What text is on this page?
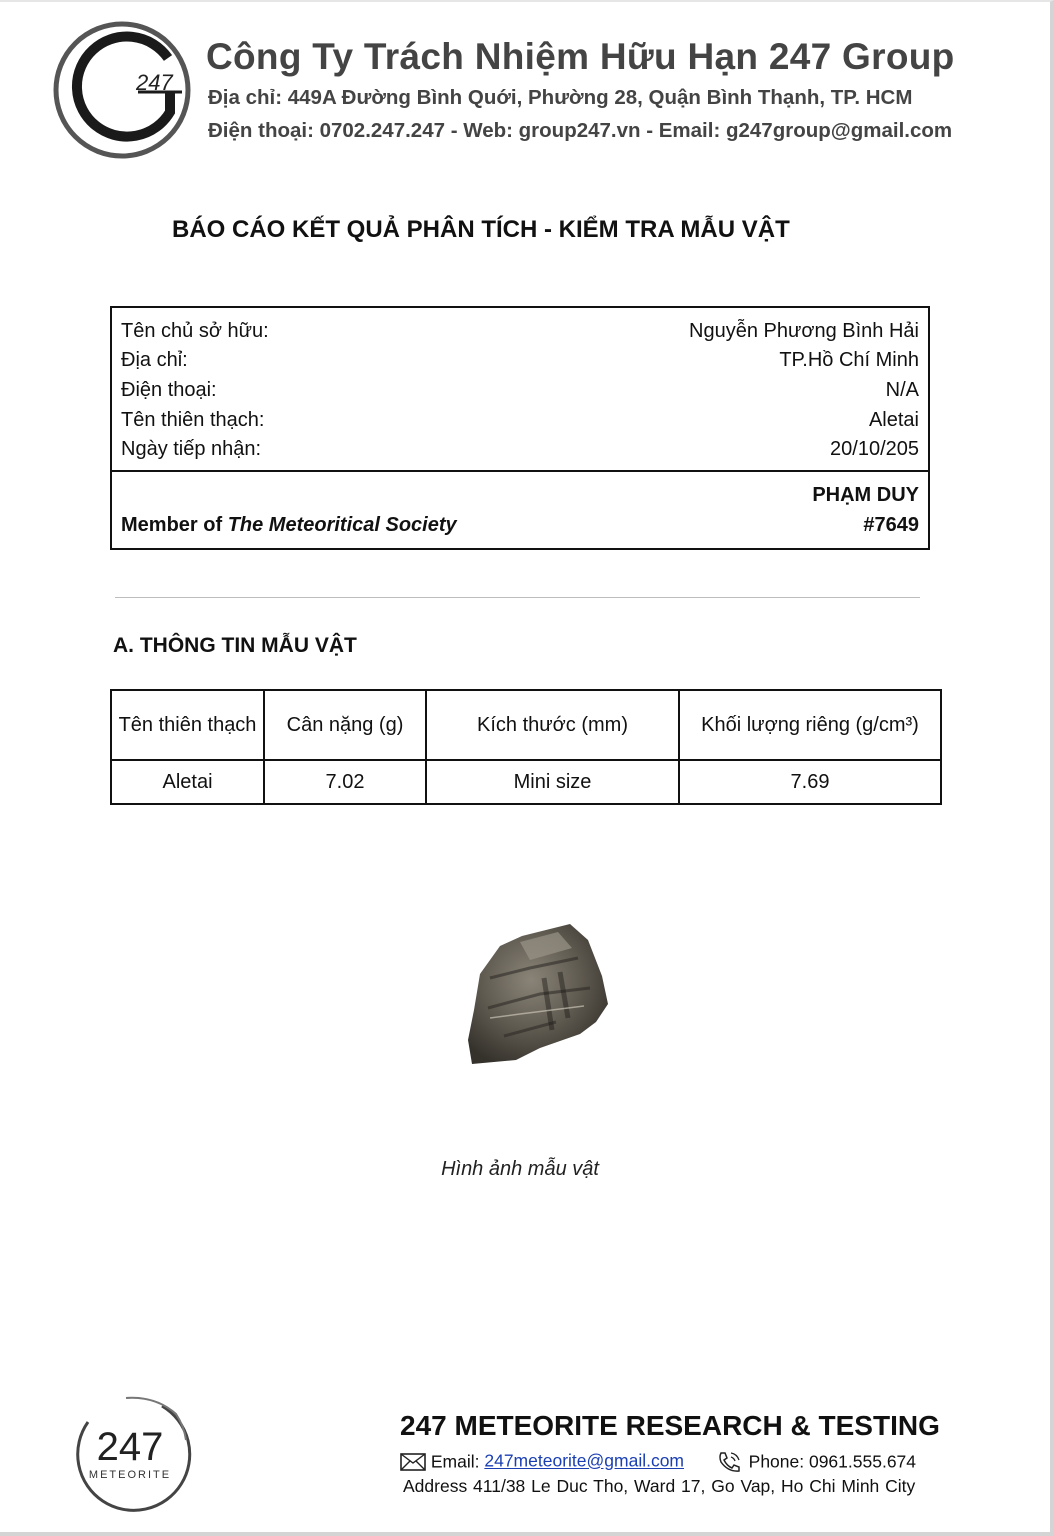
247
Công Ty Trách Nhiệm Hữu Hạn 247 Group
Địa chỉ: 449A Đường Bình Quới, Phường 28, Quận Bình Thạnh, TP. HCM
Điện thoại: 0702.247.247 - Web: group247.vn - Email: g247group@gmail.com
BÁO CÁO KẾT QUẢ PHÂN TÍCH - KIỂM TRA MẪU VẬT
Tên chủ sở hữu:	Nguyễn Phương Bình Hải
Địa chỉ:	TP.Hồ Chí Minh
Điện thoại:	N/A
Tên thiên thạch:	Aletai
Ngày tiếp nhận:	20/10/205
Member of The Meteoritical Society
PHẠM DUY
#7649
A. THÔNG TIN MẪU VẬT
Tên thiên thạch	Cân nặng (g)	Kích thước (mm)	Khối lượng riêng (g/cm³)
Aletai	7.02	Mini size	7.69
Hình ảnh mẫu vật
247
METEORITE
247 METEORITE RESEARCH & TESTING
Email: 247meteorite@gmail.com	Phone: 0961.555.674
Address 411/38 Le Duc Tho, Ward 17, Go Vap, Ho Chi Minh City
